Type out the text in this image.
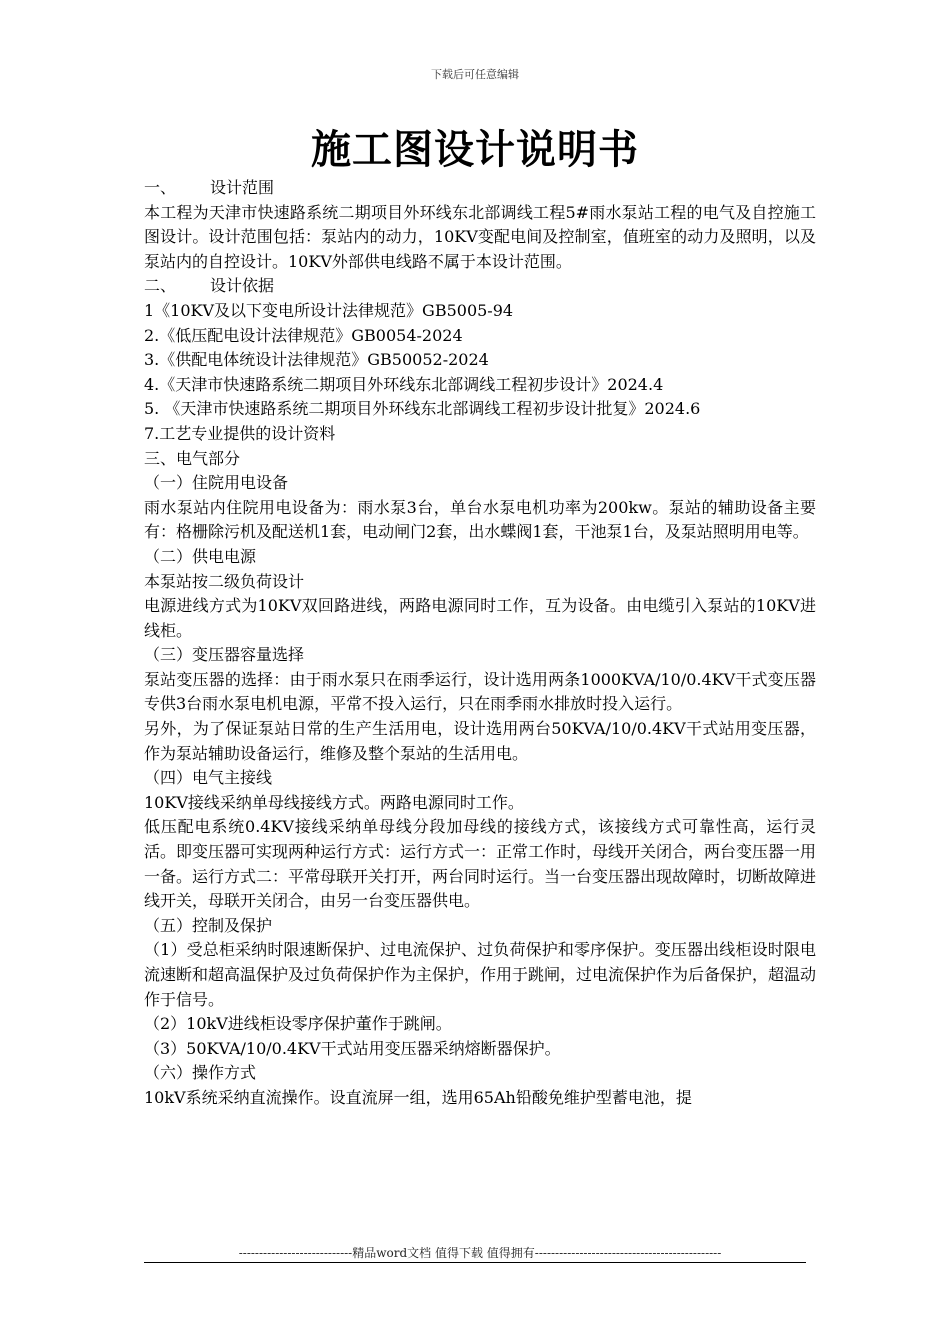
下载后可任意编辑
施工图设计说明书

一、 设计范围

本工程为天津市快速路系统二期项目外环线东北部调线工程5#雨水泵站工程的电气及自控施工图设计。设计范围包括：泵站内的动力，10KV变配电间及控制室，值班室的动力及照明，以及泵站内的自控设计。10KV外部供电线路不属于本设计范围。

二、 设计依据

1《10KV及以下变电所设计法律规范》GB5005-94

2.《低压配电设计法律规范》GB0054-2024

3.《供配电体统设计法律规范》GB50052-2024

4.《天津市快速路系统二期项目外环线东北部调线工程初步设计》2024.4

5. 《天津市快速路系统二期项目外环线东北部调线工程初步设计批复》2024.6

7.工艺专业提供的设计资料

三、电气部分

（一）住院用电设备

雨水泵站内住院用电设备为：雨水泵3台，单台水泵电机功率为200kw。泵站的辅助设备主要有：格栅除污机及配送机1套，电动闸门2套，出水蝶阀1套，干池泵1台，及泵站照明用电等。

（二）供电电源

本泵站按二级负荷设计

电源进线方式为10KV双回路进线，两路电源同时工作，互为设备。由电缆引入泵站的10KV进线柜。

（三）变压器容量选择

泵站变压器的选择：由于雨水泵只在雨季运行，设计选用两条1000KVA/10/0.4KV干式变压器专供3台雨水泵电机电源，平常不投入运行，只在雨季雨水排放时投入运行。

另外，为了保证泵站日常的生产生活用电，设计选用两台50KVA/10/0.4KV干式站用变压器，作为泵站辅助设备运行，维修及整个泵站的生活用电。

（四）电气主接线

10KV接线采纳单母线接线方式。两路电源同时工作。

低压配电系统0.4KV接线采纳单母线分段加母线的接线方式，该接线方式可靠性高，运行灵活。即变压器可实现两种运行方式：运行方式一：正常工作时，母线开关闭合，两台变压器一用一备。运行方式二：平常母联开关打开，两台同时运行。当一台变压器出现故障时，切断故障进线开关，母联开关闭合，由另一台变压器供电。

（五）控制及保护

（1）受总柜采纳时限速断保护、过电流保护、过负荷保护和零序保护。变压器出线柜设时限电流速断和超高温保护及过负荷保护作为主保护，作用于跳闸，过电流保护作为后备保护，超温动作于信号。

（2）10kV进线柜设零序保护董作于跳闸。

（3）50KVA/10/0.4KV干式站用变压器采纳熔断器保护。

（六）操作方式

10kV系统采纳直流操作。设直流屏一组，选用65Ah铅酸免维护型蓄电池，提

----------------------------精品word文档 值得下载 值得拥有----------------------------------------------
